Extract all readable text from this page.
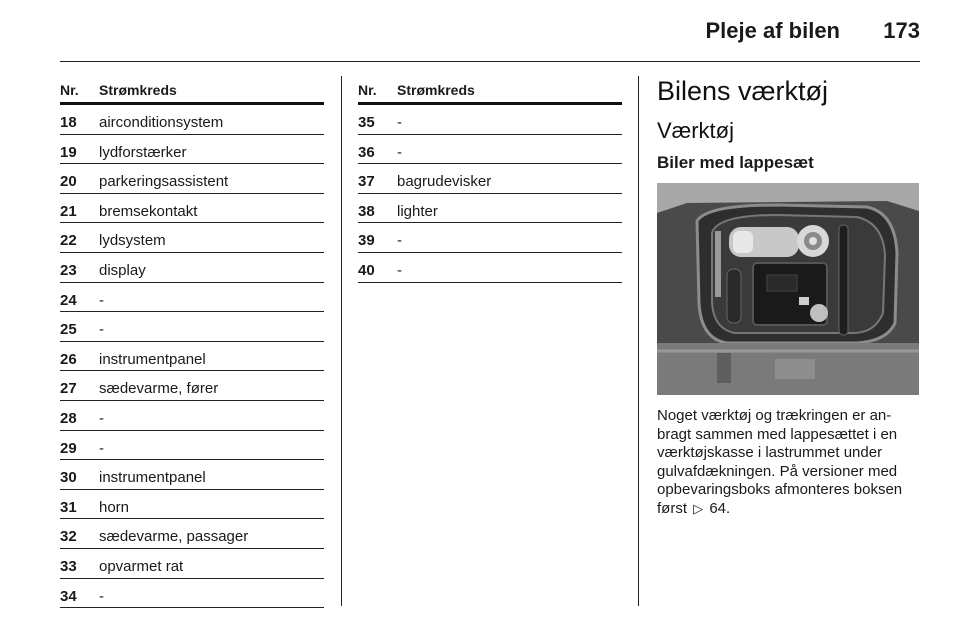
Pleje af bilen 173
Nr. Strømkreds
18 airconditionsystem
19 lydforstærker
20 parkeringsassistent
21 bremsekontakt
22 lydsystem
23 display
24 -
25 -
26 instrumentpanel
27 sædevarme, fører
28 -
29 -
30 instrumentpanel
31 horn
32 sædevarme, passager
33 opvarmet rat
34 -
Nr. Strømkreds
35 -
36 -
37 bagrudevisker
38 lighter
39 -
40 -
Bilens værktøj
Værktøj
Biler med lappesæt
Noget værktøj og trækringen er an-bragt sammen med lappesættet i en værktøjskasse i lastrummet under gulvafdækningen. På versioner med opbevaringsboks afmonteres boksen først ▷ 64.
